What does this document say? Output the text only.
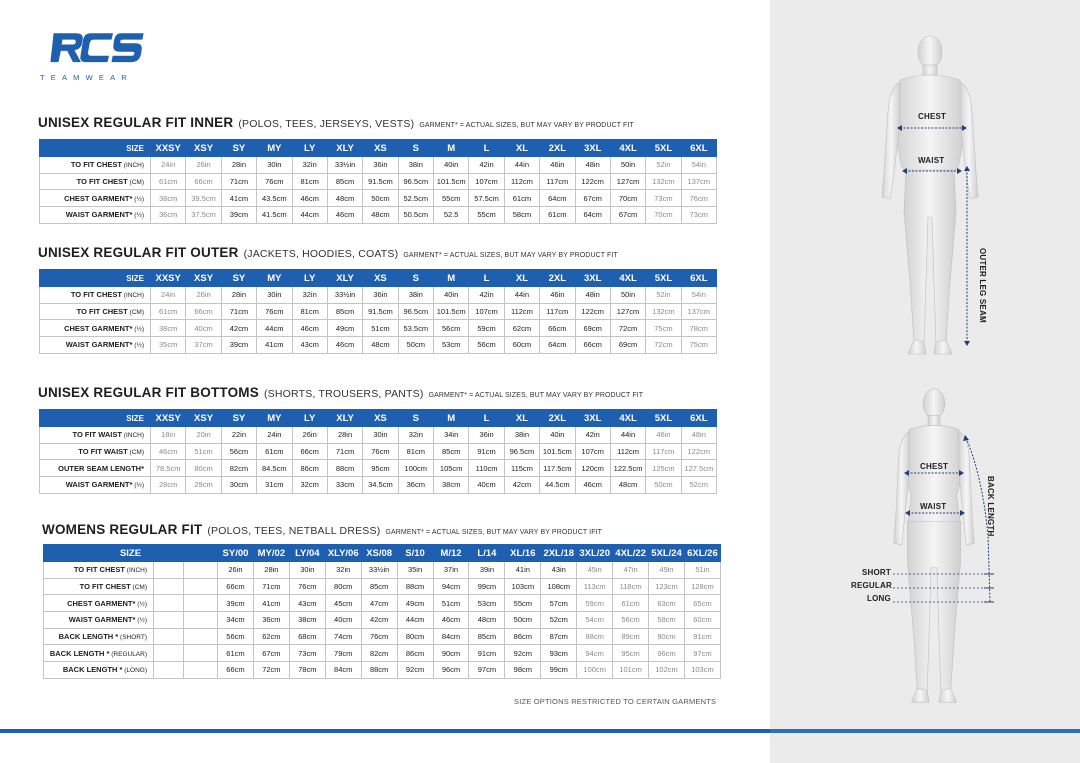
TEAMWEAR
UNISEX REGULAR FIT INNER (POLOS, TEES, JERSEYS, VESTS) GARMENT* = ACTUAL SIZES, BUT MAY VARY BY PRODUCT FIT
SIZE	XXSY	XSY	SY	MY	LY	XLY	XS	S	M	L	XL	2XL	3XL	4XL	5XL	6XL
TO FIT CHEST (INCH)	24in	26in	28in	30in	32in	33½in	36in	38in	40in	42in	44in	46in	48in	50in	52in	54in
TO FIT CHEST (CM)	61cm	66cm	71cm	76cm	81cm	85cm	91.5cm	96.5cm	101.5cm	107cm	112cm	117cm	122cm	127cm	132cm	137cm
CHEST GARMENT* (½)	38cm	39.5cm	41cm	43.5cm	46cm	48cm	50cm	52.5cm	55cm	57.5cm	61cm	64cm	67cm	70cm	73cm	76cm
WAIST GARMENT* (½)	36cm	37.5cm	39cm	41.5cm	44cm	46cm	48cm	50.5cm	52.5	55cm	58cm	61cm	64cm	67cm	70cm	73cm
UNISEX REGULAR FIT OUTER (JACKETS, HOODIES, COATS) GARMENT* = ACTUAL SIZES, BUT MAY VARY BY PRODUCT FIT
SIZE	XXSY	XSY	SY	MY	LY	XLY	XS	S	M	L	XL	2XL	3XL	4XL	5XL	6XL
TO FIT CHEST (INCH)	24in	26in	28in	30in	32in	33½in	36in	38in	40in	42in	44in	46in	48in	50in	52in	54in
TO FIT CHEST (CM)	61cm	66cm	71cm	76cm	81cm	85cm	91.5cm	96.5cm	101.5cm	107cm	112cm	117cm	122cm	127cm	132cm	137cm
CHEST GARMENT* (½)	38cm	40cm	42cm	44cm	46cm	49cm	51cm	53.5cm	56cm	59cm	62cm	66cm	69cm	72cm	75cm	78cm
WAIST GARMENT* (½)	35cm	37cm	39cm	41cm	43cm	46cm	48cm	50cm	53cm	56cm	60cm	64cm	66cm	69cm	72cm	75cm
UNISEX REGULAR FIT BOTTOMS (SHORTS, TROUSERS, PANTS) GARMENT* = ACTUAL SIZES, BUT MAY VARY BY PRODUCT FIT
SIZE	XXSY	XSY	SY	MY	LY	XLY	XS	S	M	L	XL	2XL	3XL	4XL	5XL	6XL
TO FIT WAIST (INCH)	18in	20in	22in	24in	26in	28in	30in	32in	34in	36in	38in	40in	42in	44in	46in	48in
TO FIT WAIST (CM)	46cm	51cm	56cm	61cm	66cm	71cm	76cm	81cm	85cm	91cm	96.5cm	101.5cm	107cm	112cm	117cm	122cm
OUTER SEAM LENGTH*	78.5cm	80cm	82cm	84.5cm	86cm	88cm	95cm	100cm	105cm	110cm	115cm	117.5cm	120cm	122.5cm	125cm	127.5cm
WAIST GARMENT* (½)	28cm	29cm	30cm	31cm	32cm	33cm	34.5cm	36cm	38cm	40cm	42cm	44.5cm	46cm	48cm	50cm	52cm
WOMENS REGULAR FIT (POLOS, TEES, NETBALL DRESS) GARMENT* = ACTUAL SIZES, BUT MAY VARY BY PRODUCT IFIT
SIZE			SY/00	MY/02	LY/04	XLY/06	XS/08	S/10	M/12	L/14	XL/16	2XL/18	3XL/20	4XL/22	5XL/24	6XL/26
TO FIT CHEST (INCH)			26in	28in	30in	32in	33½in	35in	37in	39in	41in	43in	45in	47in	49in	51in
TO FIT CHEST (CM)			66cm	71cm	76cm	80cm	85cm	88cm	94cm	99cm	103cm	108cm	113cm	118cm	123cm	128cm
CHEST GARMENT* (½)			39cm	41cm	43cm	45cm	47cm	49cm	51cm	53cm	55cm	57cm	59cm	61cm	63cm	65cm
WAIST GARMENT* (½)			34cm	36cm	38cm	40cm	42cm	44cm	46cm	48cm	50cm	52cm	54cm	56cm	58cm	60cm
BACK LENGTH * (SHORT)			56cm	62cm	68cm	74cm	76cm	80cm	84cm	85cm	86cm	87cm	88cm	89cm	90cm	91cm
BACK LENGTH * (REGULAR)			61cm	67cm	73cm	79cm	82cm	86cm	90cm	91cm	92cm	93cm	94cm	95cm	96cm	97cm
BACK LENGTH * (LONG)			66cm	72cm	78cm	84cm	88cm	92cm	96cm	97cm	98cm	99cm	100cm	101cm	102cm	103cm
SIZE OPTIONS RESTRICTED TO CERTAIN GARMENTS
CHEST
WAIST
OUTER LEG SEAM
CHEST
WAIST	BACK LENGTH
SHORT
REGULAR
LONG
